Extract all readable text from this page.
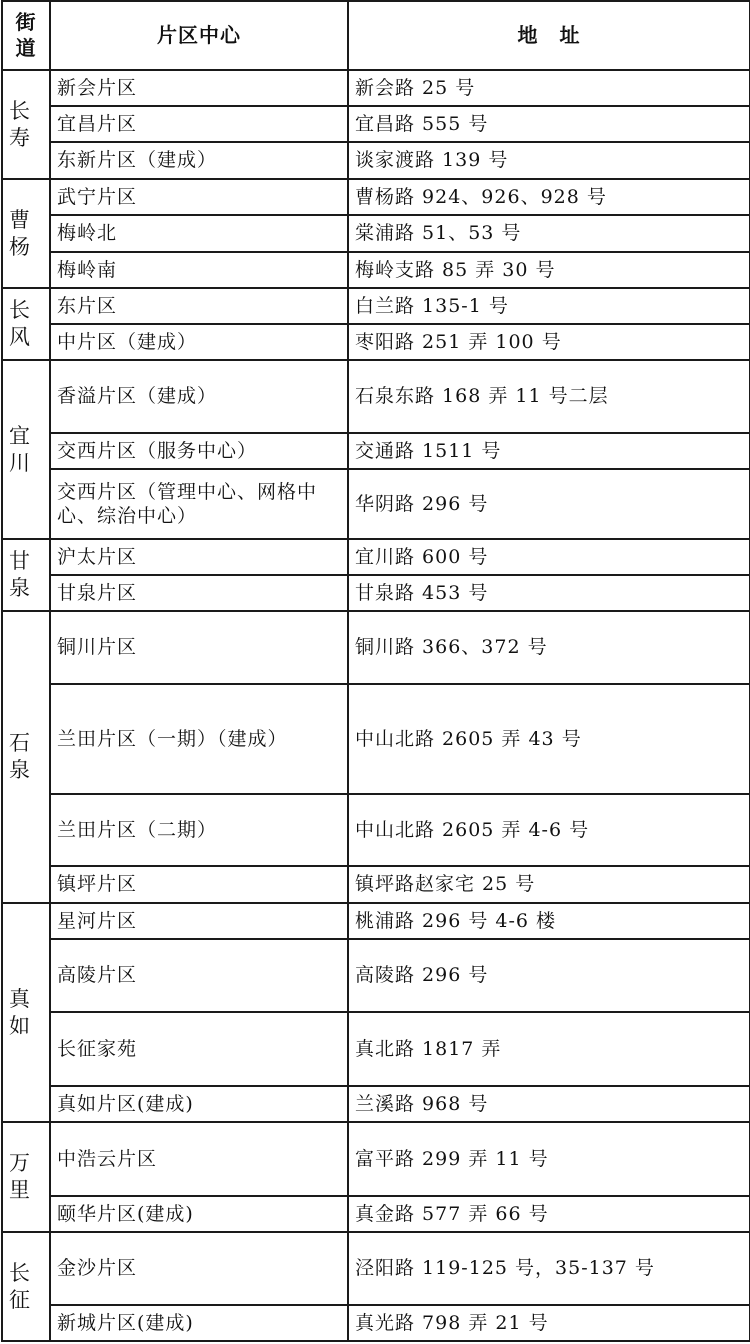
街道	片区中心	地　址
长寿	新会片区	新会路 25 号
	宜昌片区	宜昌路 555 号
	东新片区（建成）	谈家渡路 139 号
曹杨	武宁片区	曹杨路 924、926、928 号
	梅岭北	棠浦路 51、53 号
	梅岭南	梅岭支路 85 弄 30 号
长风	东片区	白兰路 135-1 号
	中片区（建成）	枣阳路 251 弄 100 号
宜川	香溢片区（建成）	石泉东路 168 弄 11 号二层
	交西片区（服务中心）	交通路 1511 号
	交西片区（管理中心、网格中心、综治中心）	华阴路 296 号
甘泉	沪太片区	宜川路 600 号
	甘泉片区	甘泉路 453 号
石泉	铜川片区	铜川路 366、372 号
	兰田片区（一期）（建成）	中山北路 2605 弄 43 号
	兰田片区（二期）	中山北路 2605 弄 4-6 号
	镇坪片区	镇坪路赵家宅 25 号
真如	星河片区	桃浦路 296 号 4-6 楼
	高陵片区	高陵路 296 号
	长征家苑	真北路 1817 弄
	真如片区(建成)	兰溪路 968 号
万里	中浩云片区	富平路 299 弄 11 号
	颐华片区(建成)	真金路 577 弄 66 号
长征	金沙片区	泾阳路 119-125 号，35-137 号
	新城片区(建成)	真光路 798 弄 21 号
